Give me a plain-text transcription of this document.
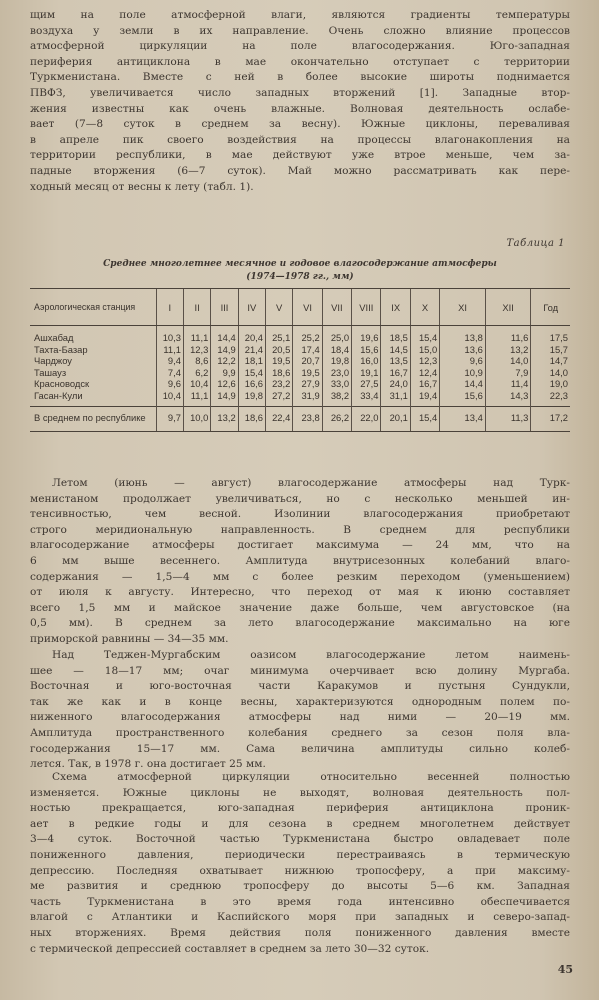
щим на поле атмосферной влаги, являются градиенты температуры
воздуха у земли в их направление. Очень сложно влияние процессов
атмосферной циркуляции на поле влагосодержания. Юго-западная
периферия антициклона в мае окончательно отступает с территории
Туркменистана. Вместе с ней в более высокие широты поднимается
ПВФЗ, увеличивается число западных вторжений [1]. Западные втор-
жения известны как очень влажные. Волновая деятельность ослабе-
вает (7—8 суток в среднем за весну). Южные циклоны, переваливая
в апреле пик своего воздействия на процессы влагонакопления на
территории республики, в мае действуют уже втрое меньше, чем за-
падные вторжения (6—7 суток). Май можно рассматривать как пере-
ходный месяц от весны к лету (табл. 1).
Таблица 1
Среднее многолетнее месячное и годовое влагосодержание атмосферы
(1974—1978 гг., мм)
Аэрологическая станция	I	II	III	IV	V	VI	VII	VIII	IX	X	XI	XII	Год
Ашхабад	10,3	11,1	14,4	20,4	25,1	25,2	25,0	19,6	18,5	15,4	13,8	11,6	17,5
Тахта-Базар	11,1	12,3	14,9	21,4	20,5	17,4	18,4	15,6	14,5	15,0	13,6	13,2	15,7
Чарджоу	9,4	8,6	12,2	18,1	19,5	20,7	19,8	16,0	13,5	12,3	9,6	14,0	14,7
Ташауз	7,4	6,2	9,9	15,4	18,6	19,5	23,0	19,1	16,7	12,4	10,9	7,9	14,0
Красноводск	9,6	10,4	12,6	16,6	23,2	27,9	33,0	27,5	24,0	16,7	14,4	11,4	19,0
Гасан-Кули	10,4	11,1	14,9	19,8	27,2	31,9	38,2	33,4	31,1	19,4	15,6	14,3	22,3
В среднем по республике	9,7	10,0	13,2	18,6	22,4	23,8	26,2	22,0	20,1	15,4	13,4	11,3	17,2
Летом (июнь — август) влагосодержание атмосферы над Турк-
менистаном продолжает увеличиваться, но с несколько меньшей ин-
тенсивностью, чем весной. Изолинии влагосодержания приобретают
строго меридиональную направленность. В среднем для республики
влагосодержание атмосферы достигает максимума — 24 мм, что на
6 мм выше весеннего. Амплитуда внутрисезонных колебаний влаго-
содержания — 1,5—4 мм с более резким переходом (уменьшением)
от июля к августу. Интересно, что переход от мая к июню составляет
всего 1,5 мм и майское значение даже больше, чем августовское (на
0,5 мм). В среднем за лето влагосодержание максимально на юге
приморской равнины — 34—35 мм.
Над Теджен-Мургабским оазисом влагосодержание летом наимень-
шее — 18—17 мм; очаг минимума очерчивает всю долину Мургаба.
Восточная и юго-восточная части Каракумов и пустыня Сундукли,
так же как и в конце весны, характеризуются однородным полем по-
ниженного влагосодержания атмосферы над ними — 20—19 мм.
Амплитуда пространственного колебания среднего за сезон поля вла-
госодержания 15—17 мм. Сама величина амплитуды сильно колеб-
лется. Так, в 1978 г. она достигает 25 мм.
Схема атмосферной циркуляции относительно весенней полностью
изменяется. Южные циклоны не выходят, волновая деятельность пол-
ностью прекращается, юго-западная периферия антициклона проник-
ает в редкие годы и для сезона в среднем многолетнем действует
3—4 суток. Восточной частью Туркменистана быстро овладевает поле
пониженного давления, периодически перестраиваясь в термическую
депрессию. Последняя охватывает нижнюю тропосферу, а при максиму-
ме развития и среднюю тропосферу до высоты 5—6 км. Западная
часть Туркменистана в это время года интенсивно обеспечивается
влагой с Атлантики и Каспийского моря при западных и северо-запад-
ных вторжениях. Время действия поля пониженного давления вместе
с термической депрессией составляет в среднем за лето 30—32 суток.
45
